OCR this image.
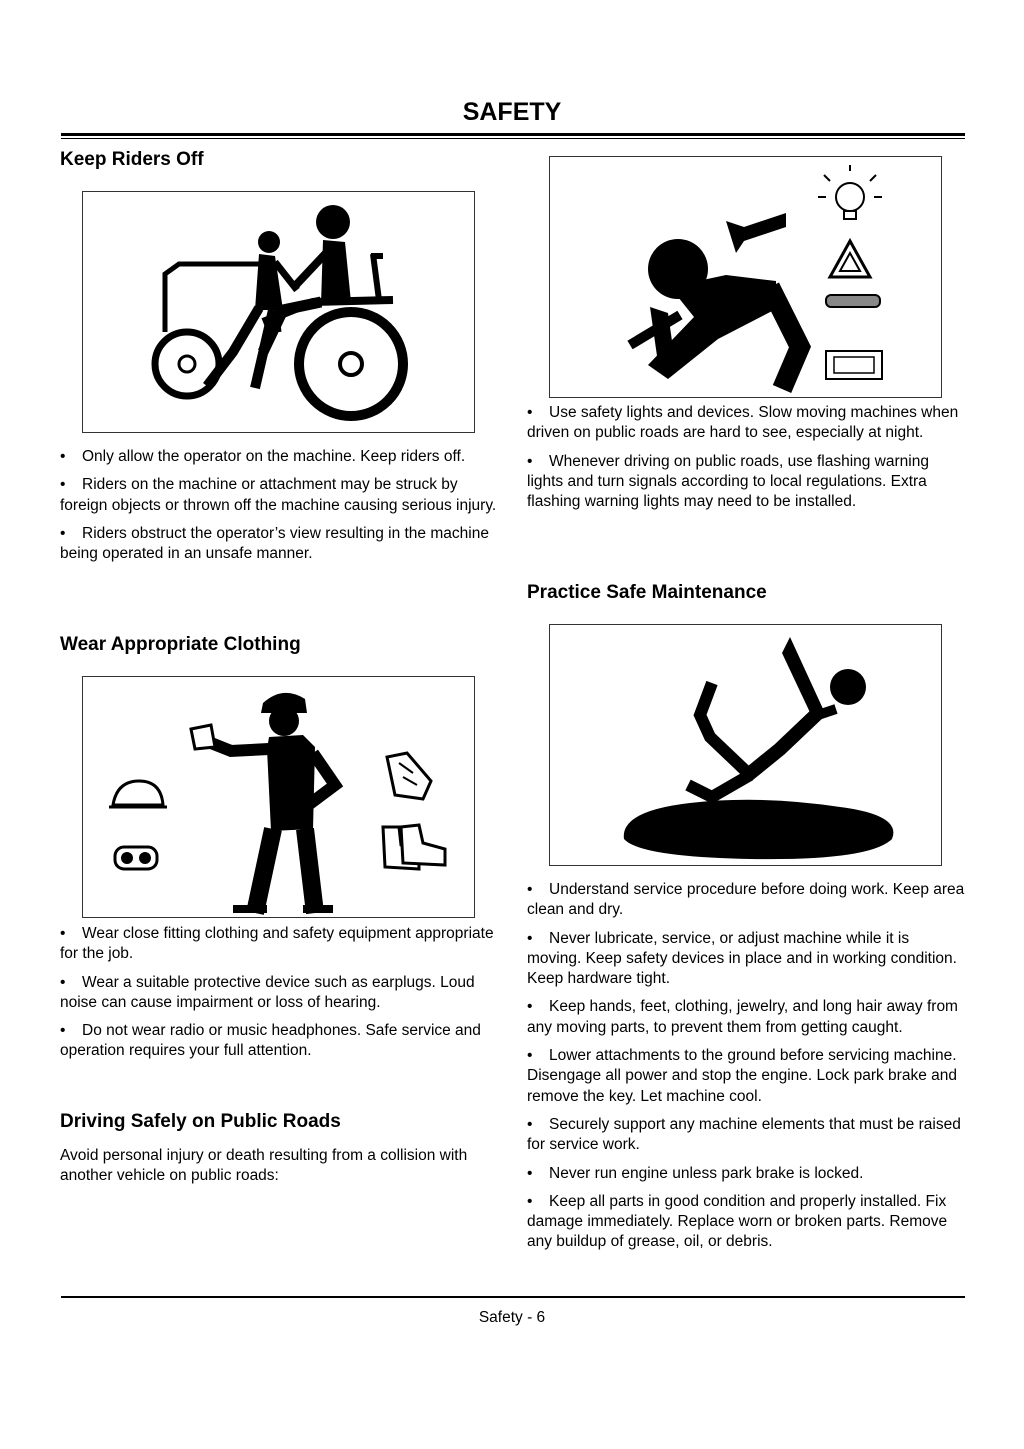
SAFETY
Keep Riders Off

• Only allow the operator on the machine. Keep riders off.

• Riders on the machine or attachment may be struck by foreign objects or thrown off the machine causing serious injury.

• Riders obstruct the operator’s view resulting in the machine being operated in an unsafe manner.

Wear Appropriate Clothing

• Wear close fitting clothing and safety equipment appropriate for the job.

• Wear a suitable protective device such as earplugs. Loud noise can cause impairment or loss of hearing.

• Do not wear radio or music headphones. Safe service and operation requires your full attention.

Driving Safely on Public Roads

Avoid personal injury or death resulting from a collision with another vehicle on public roads:

• Use safety lights and devices. Slow moving machines when driven on public roads are hard to see, especially at night.

• Whenever driving on public roads, use flashing warning lights and turn signals according to local regulations. Extra flashing warning lights may need to be installed.

Practice Safe Maintenance

• Understand service procedure before doing work. Keep area clean and dry.

• Never lubricate, service, or adjust machine while it is moving. Keep safety devices in place and in working condition. Keep hardware tight.

• Keep hands, feet, clothing, jewelry, and long hair away from any moving parts, to prevent them from getting caught.

• Lower attachments to the ground before servicing machine. Disengage all power and stop the engine. Lock park brake and remove the key. Let machine cool.

• Securely support any machine elements that must be raised for service work.

• Never run engine unless park brake is locked.

• Keep all parts in good condition and properly installed. Fix damage immediately. Replace worn or broken parts. Remove any buildup of grease, oil, or debris.

Safety - 6
